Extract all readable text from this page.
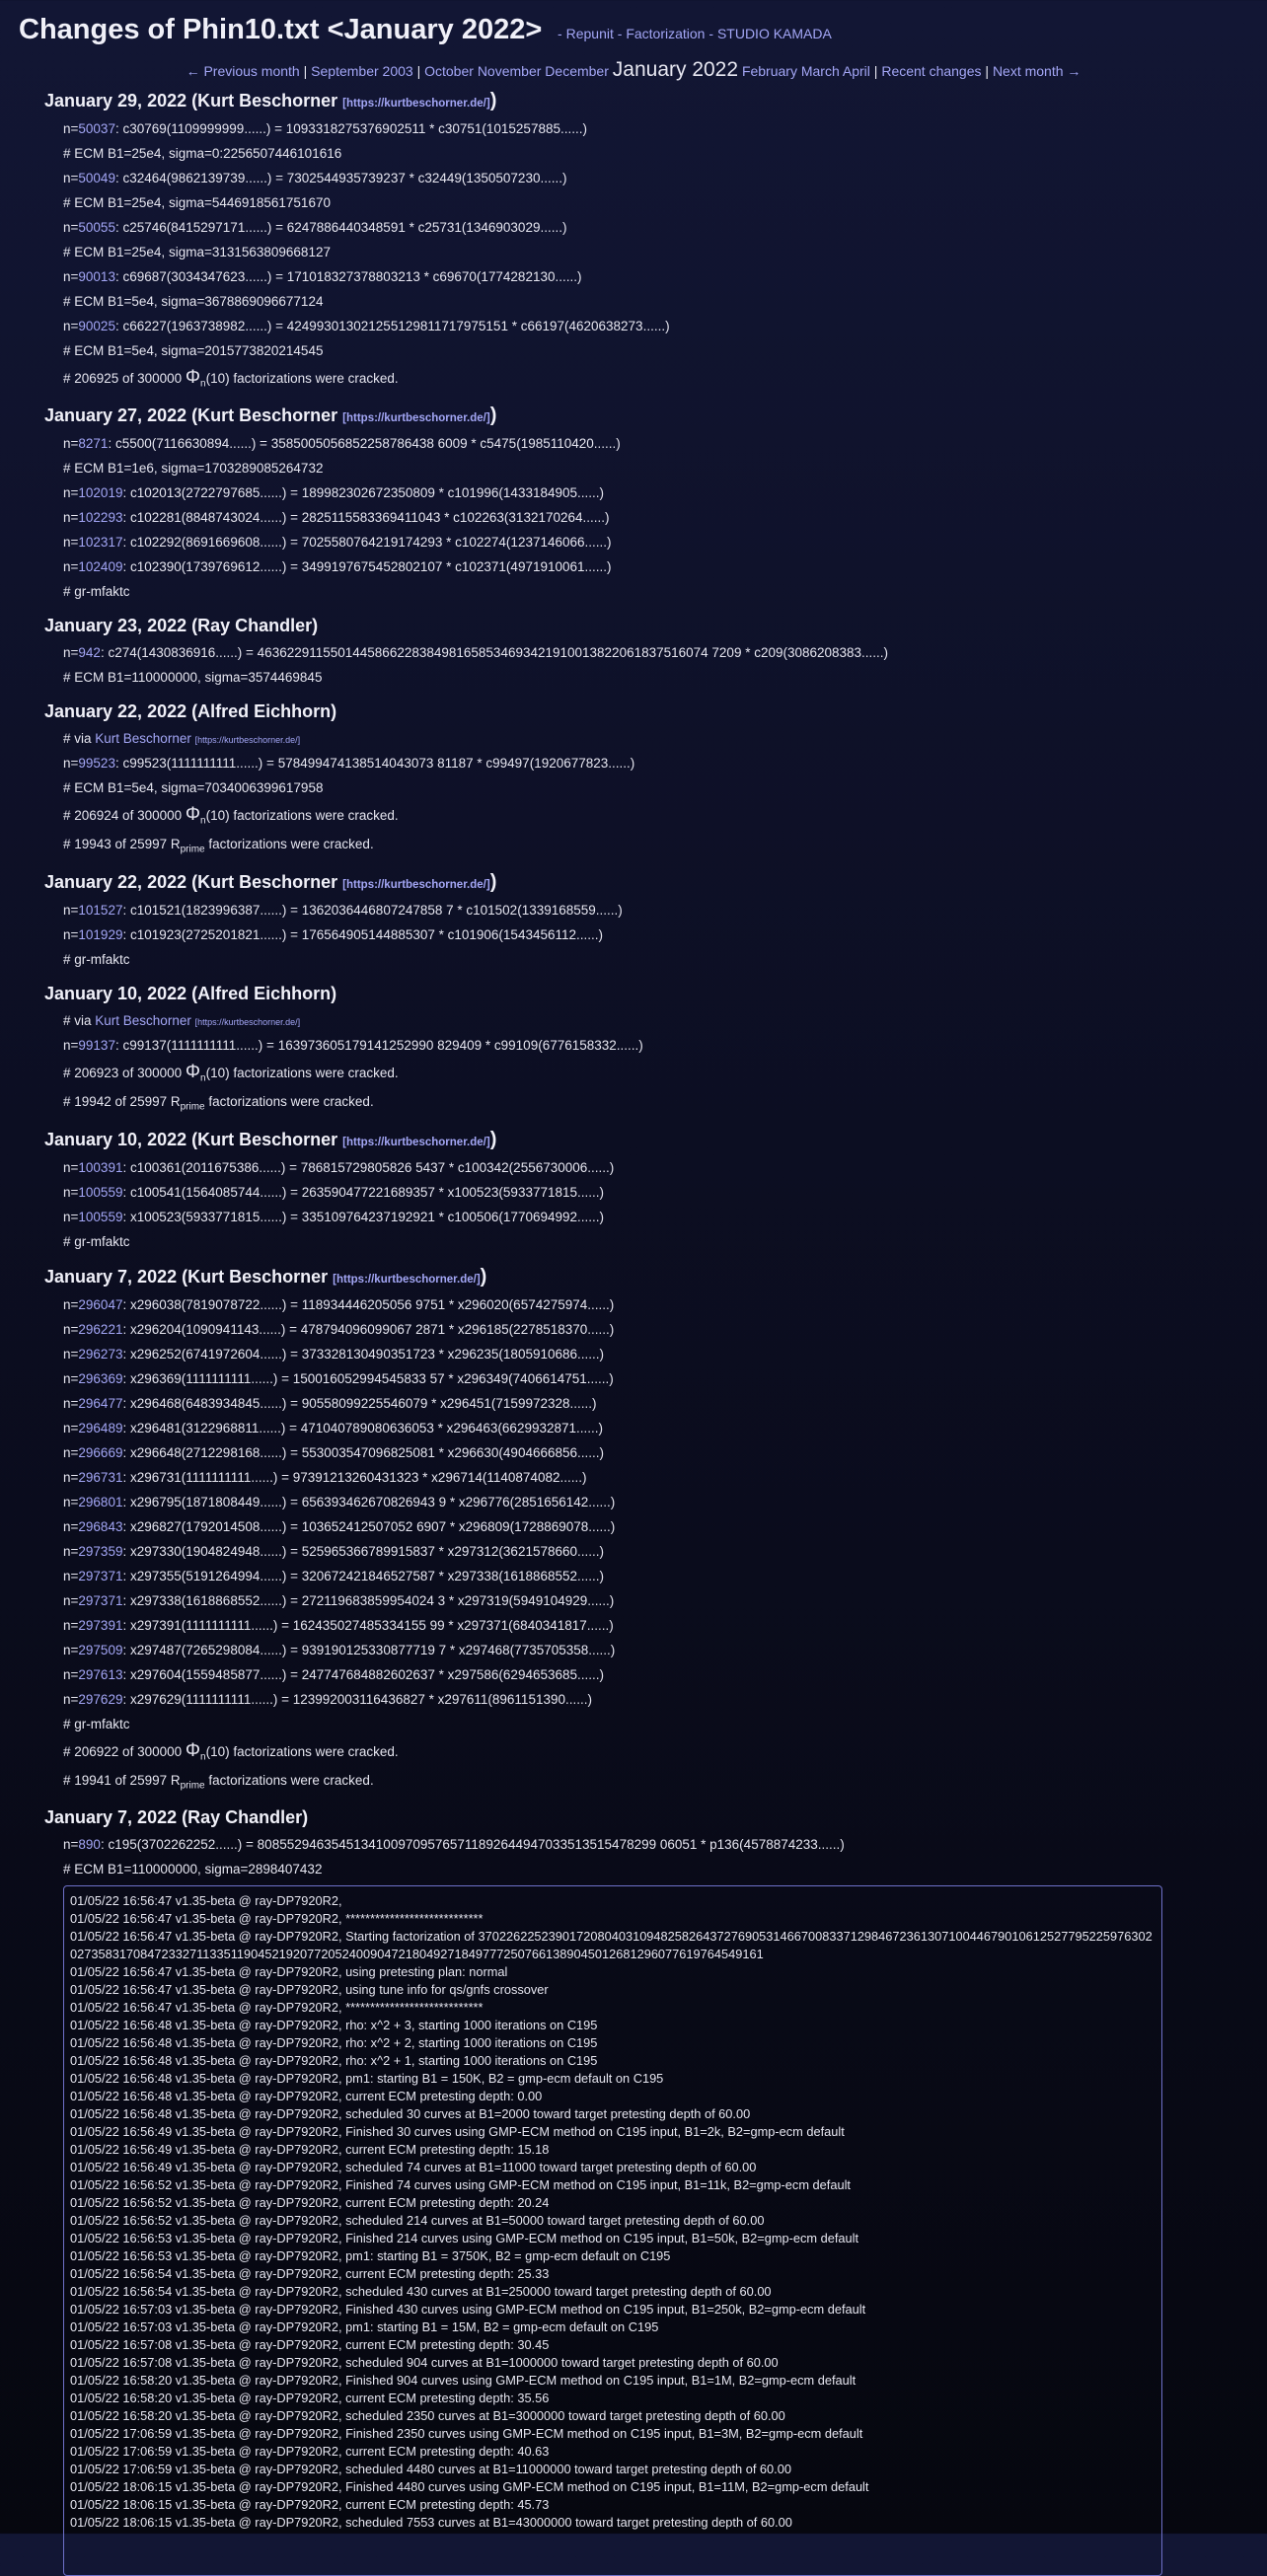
Changes of Phin10.txt <January 2022> - Repunit - Factorization - STUDIO KAMADA
← Previous month | September 2003 | October November December January 2022 February March April | Recent changes | Next month →
January 29, 2022 (Kurt Beschorner [https://kurtbeschorner.de/])
n=50037: c30769(1109999999......) = 1093318275376902511 * c30751(1015257885......)
# ECM B1=25e4, sigma=0:2256507446101616
n=50049: c32464(9862139739......) = 7302544935739237 * c32449(1350507230......)
# ECM B1=25e4, sigma=5446918561751670
n=50055: c25746(8415297171......) = 6247886440348591 * c25731(1346903029......)
# ECM B1=25e4, sigma=3131563809668127
n=90013: c69687(3034347623......) = 171018327378803213 * c69670(1774282130......)
# ECM B1=5e4, sigma=3678869096677124
n=90025: c66227(1963738982......) = 424993013021255129811717975151 * c66197(4620638273......)
# ECM B1=5e4, sigma=2015773820214545
# 206925 of 300000 $\Phi_n(10)$ factorizations were cracked.
January 27, 2022 (Kurt Beschorner [https://kurtbeschorner.de/])
n=8271: c5500(7116630894......) = 3585005056852258786438 6009 * c5475(1985110420......)
# ECM B1=1e6, sigma=1703289085264732
n=102019: c102013(2722797685......) = 189982302672350809 * c101996(1433184905......)
n=102293: c102281(8848743024......) = 2825115583369411043 * c102263(3132170264......)
n=102317: c102292(8691669608......) = 7025580764219174293 * c102274(1237146066......)
n=102409: c102390(1739769612......) = 3499197675452802107 * c102371(4971910061......)
# gr-mfaktc
January 23, 2022 (Ray Chandler)
n=942: c274(1430836916......) = 4636229115501445866228384981658534693421910013822061837516074 7209 * c209(3086208383......)
# ECM B1=110000000, sigma=3574469845
January 22, 2022 (Alfred Eichhorn)
# via Kurt Beschorner [https://kurtbeschorner.de/]
n=99523: c99523(1111111111......) = 578499474138514043073 81187 * c99497(1920677823......)
# ECM B1=5e4, sigma=7034006399617958
# 206924 of 300000 $\Phi_n(10)$ factorizations were cracked.
# 19943 of 25997 $R_{prime}$ factorizations were cracked.
January 22, 2022 (Kurt Beschorner [https://kurtbeschorner.de/])
n=101527: c101521(1823996387......) = 1362036446807247858 7 * c101502(1339168559......)
n=101929: c101923(2725201821......) = 176564905144885307 * c101906(1543456112......)
# gr-mfaktc
January 10, 2022 (Alfred Eichhorn)
# via Kurt Beschorner [https://kurtbeschorner.de/]
n=99137: c99137(1111111111......) = 163973605179141252990 829409 * c99109(6776158332......)
# 206923 of 300000 $\Phi_n(10)$ factorizations were cracked.
# 19942 of 25997 $R_{prime}$ factorizations were cracked.
January 10, 2022 (Kurt Beschorner [https://kurtbeschorner.de/])
n=100391: c100361(2011675386......) = 786815729805826 5437 * c100342(2556730006......)
n=100559: c100541(1564085744......) = 263590477221689357 * x100523(5933771815......)
n=100559: x100523(5933771815......) = 335109764237192921 * c100506(1770694992......)
# gr-mfaktc
January 7, 2022 (Kurt Beschorner [https://kurtbeschorner.de/])
n=296047: x296038(7819078722......) = 118934446205056 9751 * x296020(6574275974......)
n=296221: x296204(1090941143......) = 478794096099067 2871 * x296185(2278518370......)
n=296273: x296252(6741972604......) = 373328130490351723 * x296235(1805910686......)
n=296369: x296369(1111111111......) = 150016052994545833 57 * x296349(7406614751......)
n=296477: x296468(6483934845......) = 90558099225546079 * x296451(7159972328......)
n=296489: x296481(3122968811......) = 471040789080636053 * x296463(6629932871......)
n=296669: x296648(2712298168......) = 553003547096825081 * x296630(4904666856......)
n=296731: x296731(1111111111......) = 97391213260431323 * x296714(1140874082......)
n=296801: x296795(1871808449......) = 656393462670826943 9 * x296776(2851656142......)
n=296843: x296827(1792014508......) = 103652412507052 6907 * x296809(1728869078......)
n=297359: x297330(1904824948......) = 525965366789915837 * x297312(3621578660......)
n=297371: x297355(5191264994......) = 320672421846527587 * x297338(1618868552......)
n=297371: x297338(1618868552......) = 272119683859954024 3 * x297319(5949104929......)
n=297391: x297391(1111111111......) = 162435027485334155 99 * x297371(6840341817......)
n=297509: x297487(7265298084......) = 939190125330877719 7 * x297468(7735705358......)
n=297613: x297604(1559485877......) = 247747684882602637 * x297586(6294653685......)
n=297629: x297629(1111111111......) = 123992003116436827 * x297611(8961151390......)
# gr-mfaktc
# 206922 of 300000 $\Phi_n(10)$ factorizations were cracked.
# 19941 of 25997 $R_{prime}$ factorizations were cracked.
January 7, 2022 (Ray Chandler)
n=890: c195(3702262252......) = 808552946354513410097095765711892644947033513515478299 06051 * p136(4578874233......)
# ECM B1=110000000, sigma=2898407432
01/05/22 16:56:47 v1.35-beta @ ray-DP7920R2,
01/05/22 16:56:47 v1.35-beta @ ray-DP7920R2, ****************************
01/05/22 16:56:47 v1.35-beta @ ray-DP7920R2, Starting factorization of 370226225239017208040310948258264372769053146670083371298467236130710044679010612527795225976302027358317084723327113351190452192077205240090472180492718497772507661389045012681296077619764549161
01/05/22 16:56:47 v1.35-beta @ ray-DP7920R2, using pretesting plan: normal
01/05/22 16:56:47 v1.35-beta @ ray-DP7920R2, using tune info for qs/gnfs crossover
01/05/22 16:56:47 v1.35-beta @ ray-DP7920R2, ****************************
01/05/22 16:56:48 v1.35-beta @ ray-DP7920R2, rho: x^2 + 3, starting 1000 iterations on C195
01/05/22 16:56:48 v1.35-beta @ ray-DP7920R2, rho: x^2 + 2, starting 1000 iterations on C195
01/05/22 16:56:48 v1.35-beta @ ray-DP7920R2, rho: x^2 + 1, starting 1000 iterations on C195
01/05/22 16:56:48 v1.35-beta @ ray-DP7920R2, pm1: starting B1 = 150K, B2 = gmp-ecm default on C195
01/05/22 16:56:48 v1.35-beta @ ray-DP7920R2, current ECM pretesting depth: 0.00
01/05/22 16:56:48 v1.35-beta @ ray-DP7920R2, scheduled 30 curves at B1=2000 toward target pretesting depth of 60.00
01/05/22 16:56:49 v1.35-beta @ ray-DP7920R2, Finished 30 curves using GMP-ECM method on C195 input, B1=2k, B2=gmp-ecm default
01/05/22 16:56:49 v1.35-beta @ ray-DP7920R2, current ECM pretesting depth: 15.18
01/05/22 16:56:49 v1.35-beta @ ray-DP7920R2, scheduled 74 curves at B1=11000 toward target pretesting depth of 60.00
01/05/22 16:56:52 v1.35-beta @ ray-DP7920R2, Finished 74 curves using GMP-ECM method on C195 input, B1=11k, B2=gmp-ecm default
01/05/22 16:56:52 v1.35-beta @ ray-DP7920R2, current ECM pretesting depth: 20.24
01/05/22 16:56:52 v1.35-beta @ ray-DP7920R2, scheduled 214 curves at B1=50000 toward target pretesting depth of 60.00
01/05/22 16:56:53 v1.35-beta @ ray-DP7920R2, Finished 214 curves using GMP-ECM method on C195 input, B1=50k, B2=gmp-ecm default
01/05/22 16:56:53 v1.35-beta @ ray-DP7920R2, pm1: starting B1 = 3750K, B2 = gmp-ecm default on C195
01/05/22 16:56:54 v1.35-beta @ ray-DP7920R2, current ECM pretesting depth: 25.33
01/05/22 16:56:54 v1.35-beta @ ray-DP7920R2, scheduled 430 curves at B1=250000 toward target pretesting depth of 60.00
01/05/22 16:57:03 v1.35-beta @ ray-DP7920R2, Finished 430 curves using GMP-ECM method on C195 input, B1=250k, B2=gmp-ecm default
01/05/22 16:57:03 v1.35-beta @ ray-DP7920R2, pm1: starting B1 = 15M, B2 = gmp-ecm default on C195
01/05/22 16:57:08 v1.35-beta @ ray-DP7920R2, current ECM pretesting depth: 30.45
01/05/22 16:57:08 v1.35-beta @ ray-DP7920R2, scheduled 904 curves at B1=1000000 toward target pretesting depth of 60.00
01/05/22 16:58:20 v1.35-beta @ ray-DP7920R2, Finished 904 curves using GMP-ECM method on C195 input, B1=1M, B2=gmp-ecm default
01/05/22 16:58:20 v1.35-beta @ ray-DP7920R2, current ECM pretesting depth: 35.56
01/05/22 16:58:20 v1.35-beta @ ray-DP7920R2, scheduled 2350 curves at B1=3000000 toward target pretesting depth of 60.00
01/05/22 17:06:59 v1.35-beta @ ray-DP7920R2, Finished 2350 curves using GMP-ECM method on C195 input, B1=3M, B2=gmp-ecm default
01/05/22 17:06:59 v1.35-beta @ ray-DP7920R2, current ECM pretesting depth: 40.63
01/05/22 17:06:59 v1.35-beta @ ray-DP7920R2, scheduled 4480 curves at B1=11000000 toward target pretesting depth of 60.00
01/05/22 18:06:15 v1.35-beta @ ray-DP7920R2, Finished 4480 curves using GMP-ECM method on C195 input, B1=11M, B2=gmp-ecm default
01/05/22 18:06:15 v1.35-beta @ ray-DP7920R2, current ECM pretesting depth: 45.73
01/05/22 18:06:15 v1.35-beta @ ray-DP7920R2, scheduled 7553 curves at B1=43000000 toward target pretesting depth of 60.00
